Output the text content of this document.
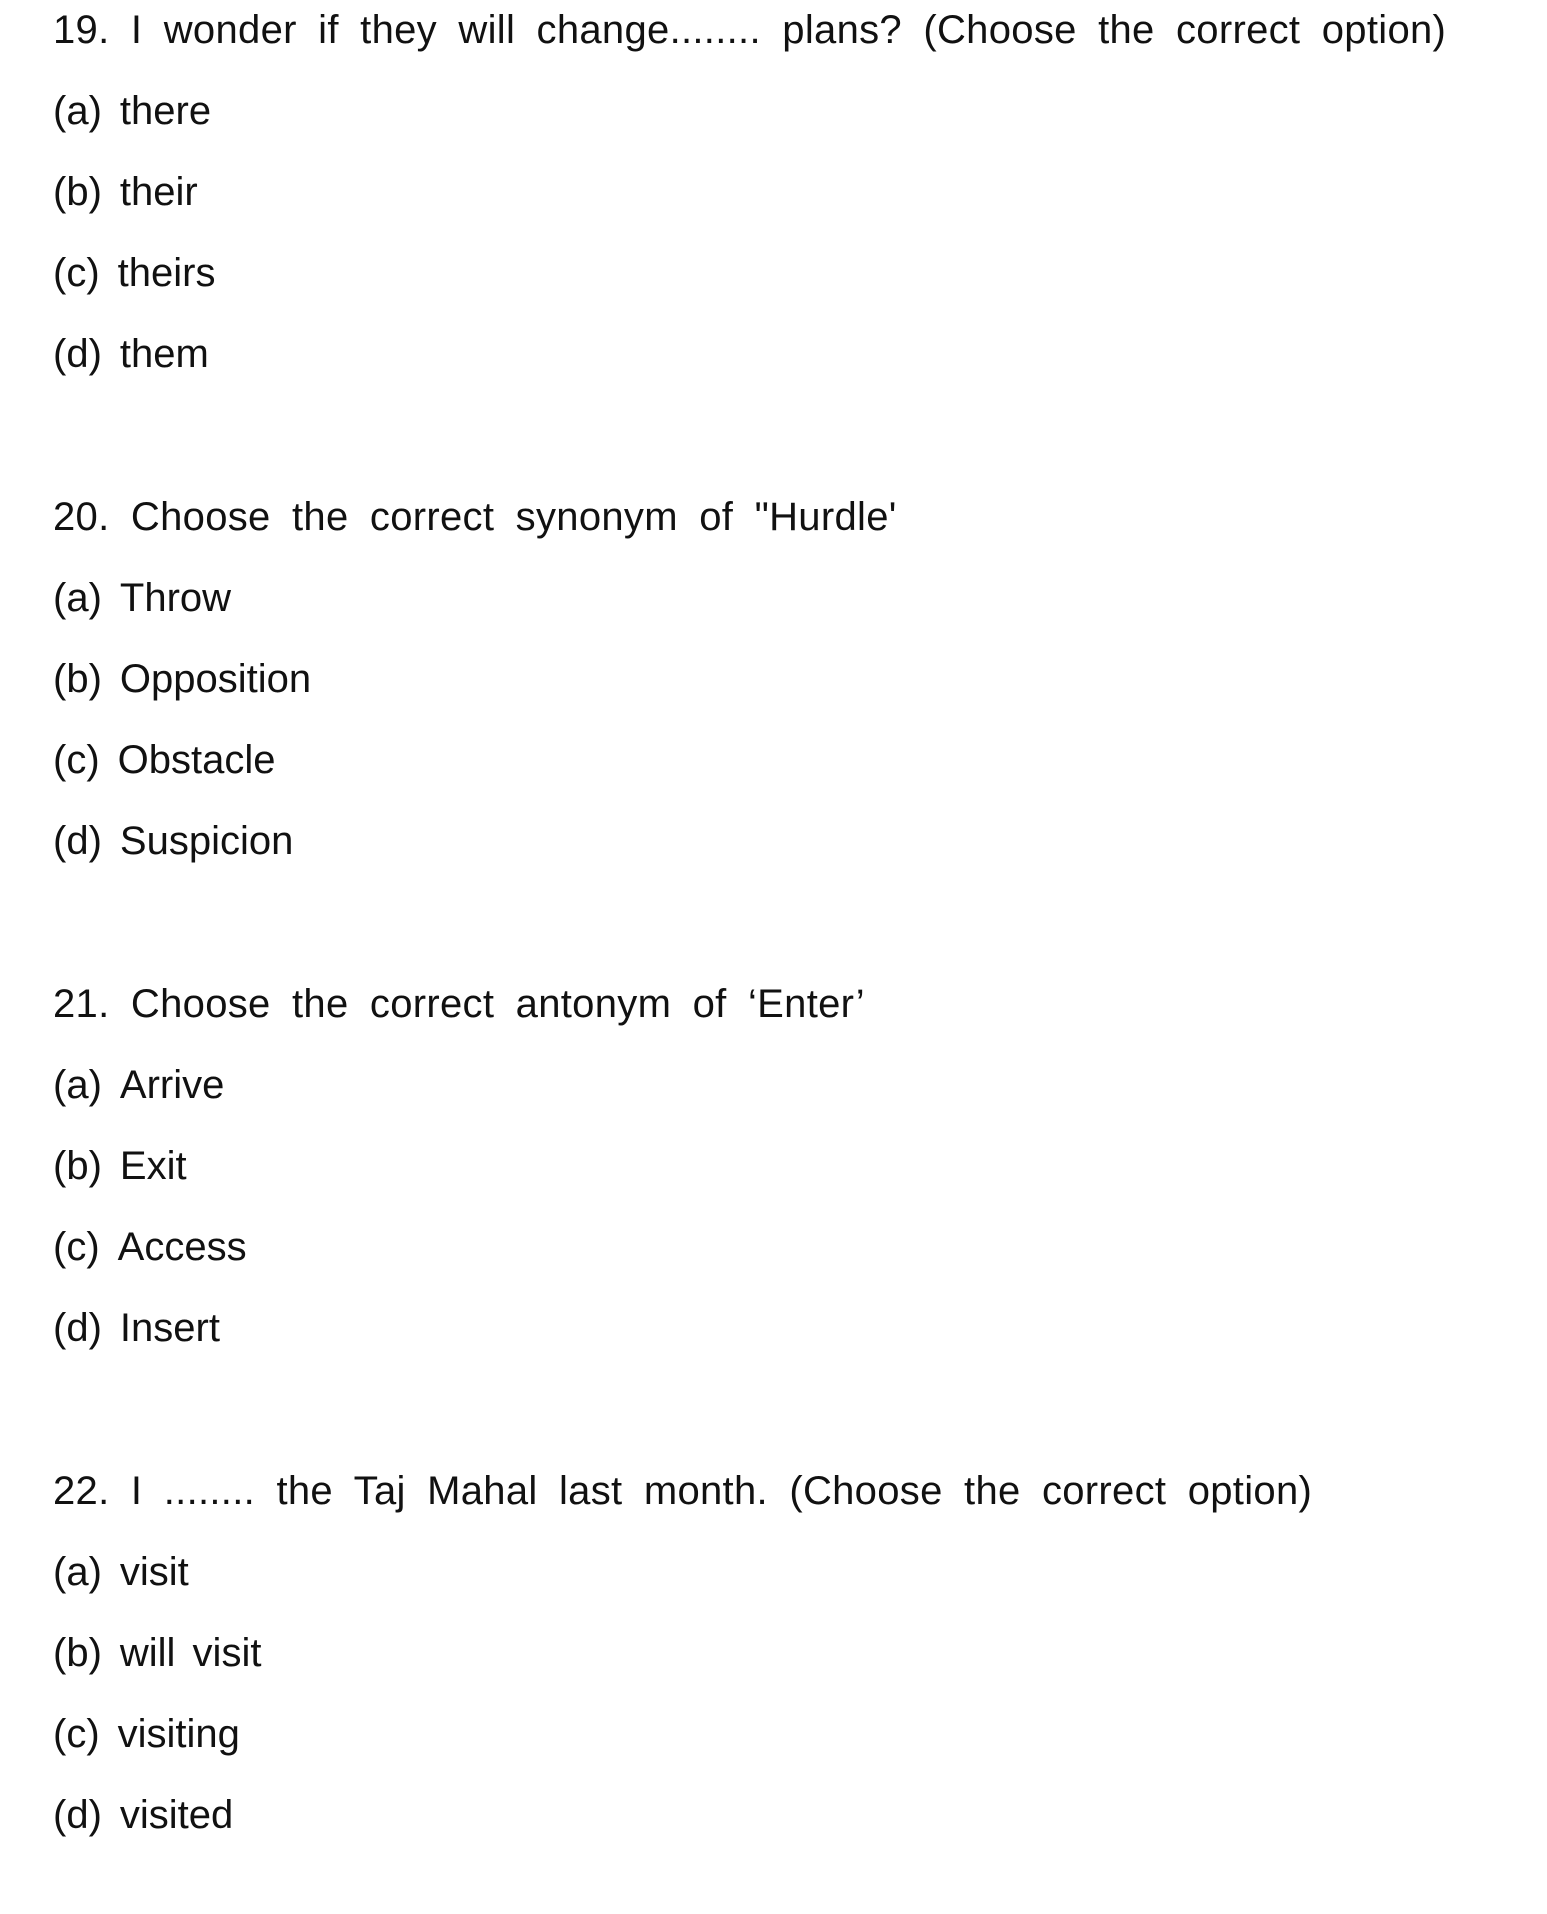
19. I wonder if they will change........ plans? (Choose the correct option)
(a) there
(b) their
(c) theirs
(d) them
20. Choose the correct synonym of "Hurdle'
(a) Throw
(b) Opposition
(c) Obstacle
(d) Suspicion
21. Choose the correct antonym of ‘Enter’
(a) Arrive
(b) Exit
(c) Access
(d) Insert
22. I ........ the Taj Mahal last month. (Choose the correct option)
(a) visit
(b) will visit
(c) visiting
(d) visited
